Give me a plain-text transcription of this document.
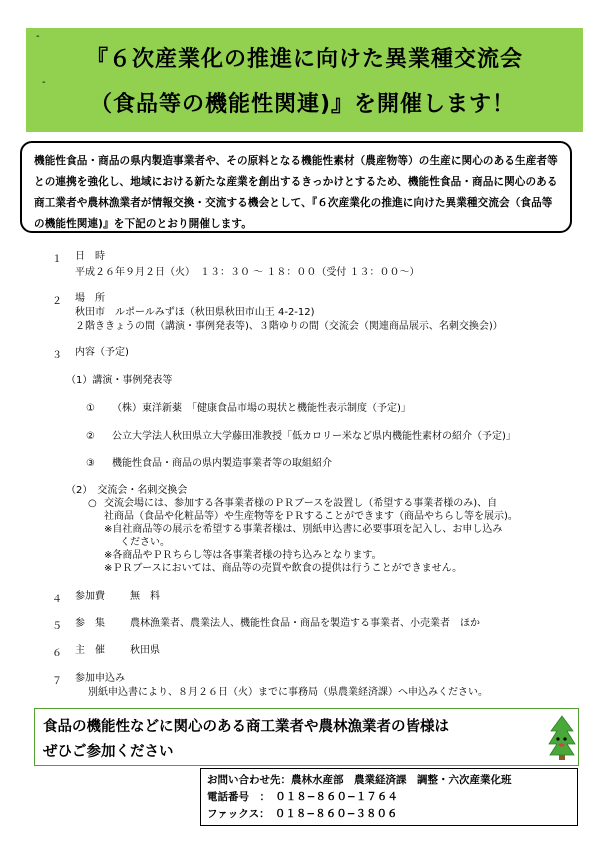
-
『６次産業化の推進に向けた異業種交流会
-
（食品等の機能性関連)』を開催します！
機能性食品・商品の県内製造事業者や、その原料となる機能性素材（農産物等）の生産に関心のある生産者等との連携を強化し、地域における新たな産業を創出するきっかけとするため、機能性食品・商品に関心のある商工業者や農林漁業者が情報交換・交流する機会として、『６次産業化の推進に向けた異業種交流会（食品等の機能性関連)』を下記のとおり開催します。
１ 日　時
平成２６年９月２日（火）　１３：３０ 〜 １８：００（受付 １３：００〜）
２ 場　所
秋田市　ルポールみずほ（秋田県秋田市山王 4-2-12)
２階ききょうの間（講演・事例発表等)、３階ゆりの間（交流会（関連商品展示、名刺交換会)）
３ 内容（予定)
（1）講演・事例発表等
① （株）東洋新薬　「健康食品市場の現状と機能性表示制度（予定)」
② 公立大学法人秋田県立大学藤田准教授「低カロリー米など県内機能性素材の紹介（予定)」
③ 機能性食品・商品の県内製造事業者等の取組紹介
（2）　交流会・名刺交換会
○ 交流会場には、参加する各事業者様のＰＲブースを設置し（希望する事業者様のみ)、自
社商品（食品や化粧品等）や生産物等をＰＲすることができます（商品やちらし等を展示)。
※自社商品等の展示を希望する事業者様は、別紙申込書に必要事項を記入し、お申し込み
ください。
※各商品やＰＲちらし等は各事業者様の持ち込みとなります。
※ＰＲブースにおいては、商品等の売買や飲食の提供は行うことができません。
４ 参加費	無　料
５ 参　集	農林漁業者、農業法人、機能性食品・商品を製造する事業者、小売業者　ほか
６ 主　催	秋田県
７ 参加申込み
別紙申込書により、８月２６日（火）までに事務局（県農業経済課）へ申込みください。
食品の機能性などに関心のある商工業者や農林漁業者の皆様は
ぜひご参加ください
お問い合わせ先：農林水産部　農業経済課　調整・六次産業化班
電話番号　：　０１８−８６０−１７６４
ファックス：　０１８−８６０−３８０６
